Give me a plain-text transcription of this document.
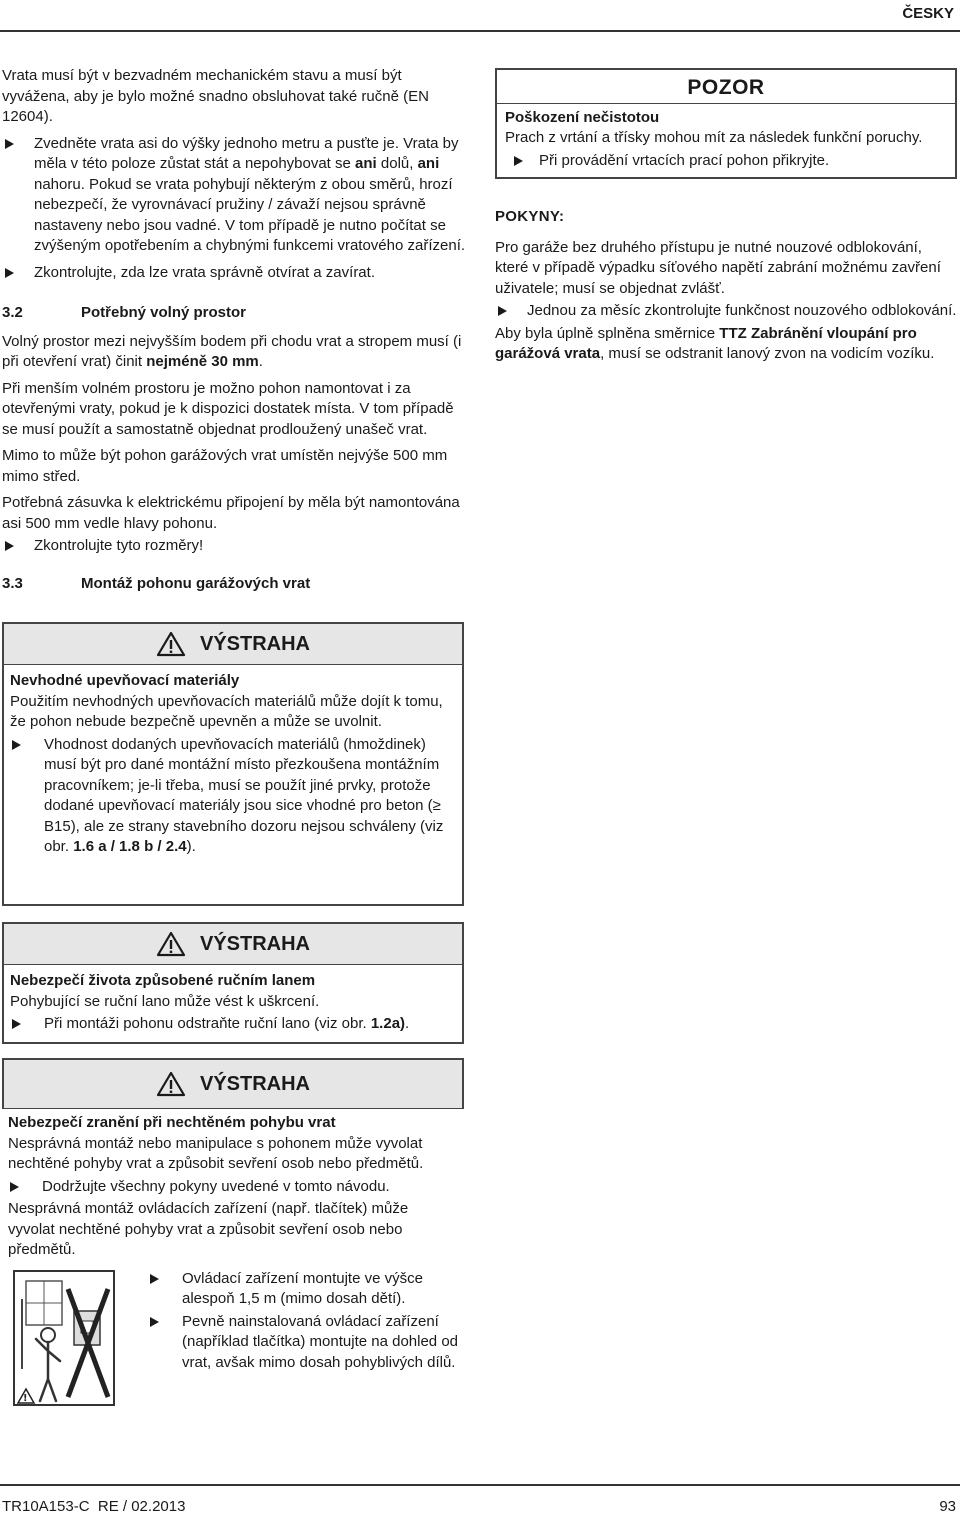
ČESKY

Vrata musí být v bezvadném mechanickém stavu a musí být vyvážena, aby je bylo možné snadno obsluhovat také ručně (EN 12604).

Zvedněte vrata asi do výšky jednoho metru a pusťte je. Vrata by měla v této poloze zůstat stát a nepohybovat se ani dolů, ani nahoru. Pokud se vrata pohybují některým z obou směrů, hrozí nebezpečí, že vyrovnávací pružiny / závaží nejsou správně nastaveny nebo jsou vadné. V tom případě je nutno počítat se zvýšeným opotřebením a chybnými funkcemi vratového zařízení.
Zkontrolujte, zda lze vrata správně otvírat a zavírat.
3.2	Potřebný volný prostor

Volný prostor mezi nejvyšším bodem při chodu vrat a stropem musí (i při otevření vrat) činit nejméně 30 mm.

Při menším volném prostoru je možno pohon namontovat i za otevřenými vraty, pokud je k dispozici dostatek místa. V tom případě se musí použít a samostatně objednat prodloužený unašeč vrat.

Mimo to může být pohon garážových vrat umístěn nejvýše 500 mm mimo střed.

Potřebná zásuvka k elektrickému připojení by měla být namontována asi 500 mm vedle hlavy pohonu.

Zkontrolujte tyto rozměry!
3.3	Montáž pohonu garážových vrat
POZOR

Poškození nečistotou

Prach z vrtání a třísky mohou mít za následek funkční poruchy.

Při provádění vrtacích prací pohon přikryjte.
POKYNY:

Pro garáže bez druhého přístupu je nutné nouzové odblokování, které v případě výpadku síťového napětí zabrání možnému zavření uživatele; musí se objednat zvlášť.

Jednou za měsíc zkontrolujte funkčnost nouzového odblokování.

Aby byla úplně splněna směrnice TTZ Zabránění vloupání pro garážová vrata, musí se odstranit lanový zvon na vodicím vozíku.

VÝSTRAHA

Nevhodné upevňovací materiály

Použitím nevhodných upevňovacích materiálů může dojít k tomu, že pohon nebude bezpečně upevněn a může se uvolnit.

Vhodnost dodaných upevňovacích materiálů (hmoždinek) musí být pro dané montážní místo přezkoušena montážním pracovníkem; je-li třeba, musí se použít jiné prvky, protože dodané upevňovací materiály jsou sice vhodné pro beton (≥ B15), ale ze strany stavebního dozoru nejsou schváleny (viz obr. 1.6 a / 1.8 b / 2.4).
VÝSTRAHA

Nebezpečí života způsobené ručním lanem

Pohybující se ruční lano může vést k uškrcení.

Při montáži pohonu odstraňte ruční lano (viz obr. 1.2a).
VÝSTRAHA

Nebezpečí zranění při nechtěném pohybu vrat

Nesprávná montáž nebo manipulace s pohonem může vyvolat nechtěné pohyby vrat a způsobit sevření osob nebo předmětů.

Dodržujte všechny pokyny uvedené v tomto návodu.

Nesprávná montáž ovládacích zařízení (např. tlačítek) může vyvolat nechtěné pohyby vrat a způsobit sevření osob nebo předmětů.

!
Ovládací zařízení montujte ve výšce alespoň 1,5 m (mimo dosah dětí).
Pevně nainstalovaná ovládací zařízení (například tlačítka) montujte na dohled od vrat, avšak mimo dosah pohyblivých dílů.
TR10A153-C  RE / 02.2013	93
